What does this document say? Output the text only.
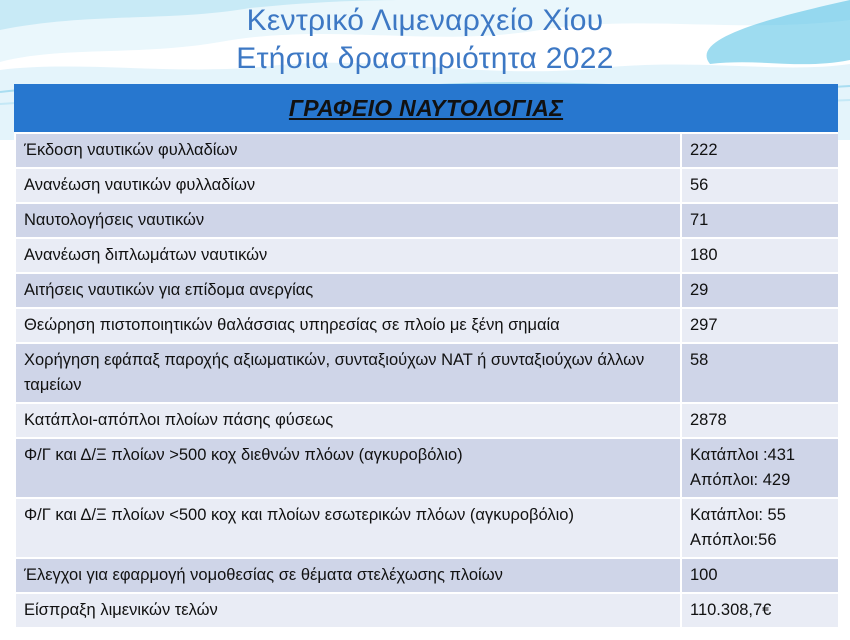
Κεντρικό Λιμεναρχείο Χίου
Ετήσια δραστηριότητα 2022
ΓΡΑΦΕΙΟ ΝΑΥΤΟΛΟΓΙΑΣ
Έκδοση ναυτικών φυλλαδίων	222
Ανανέωση ναυτικών φυλλαδίων	56
Ναυτολογήσεις ναυτικών	71
Ανανέωση διπλωμάτων ναυτικών	180
Αιτήσεις ναυτικών για επίδομα ανεργίας	29
Θεώρηση πιστοποιητικών θαλάσσιας υπηρεσίας σε πλοίο με ξένη σημαία	297
Χορήγηση εφάπαξ παροχής αξιωματικών, συνταξιούχων ΝΑΤ ή συνταξιούχων άλλων ταμείων	58
Κατάπλοι-απόπλοι πλοίων πάσης φύσεως	2878
Φ/Γ και Δ/Ξ πλοίων >500 κοχ διεθνών πλόων (αγκυροβόλιο)	Κατάπλοι :431
Απόπλοι: 429

Φ/Γ και Δ/Ξ πλοίων <500 κοχ και πλοίων εσωτερικών πλόων (αγκυροβόλιο)	Κατάπλοι: 55
Απόπλοι:56

Έλεγχοι για εφαρμογή νομοθεσίας σε θέματα στελέχωσης πλοίων	100
Είσπραξη λιμενικών τελών	110.308,7€
